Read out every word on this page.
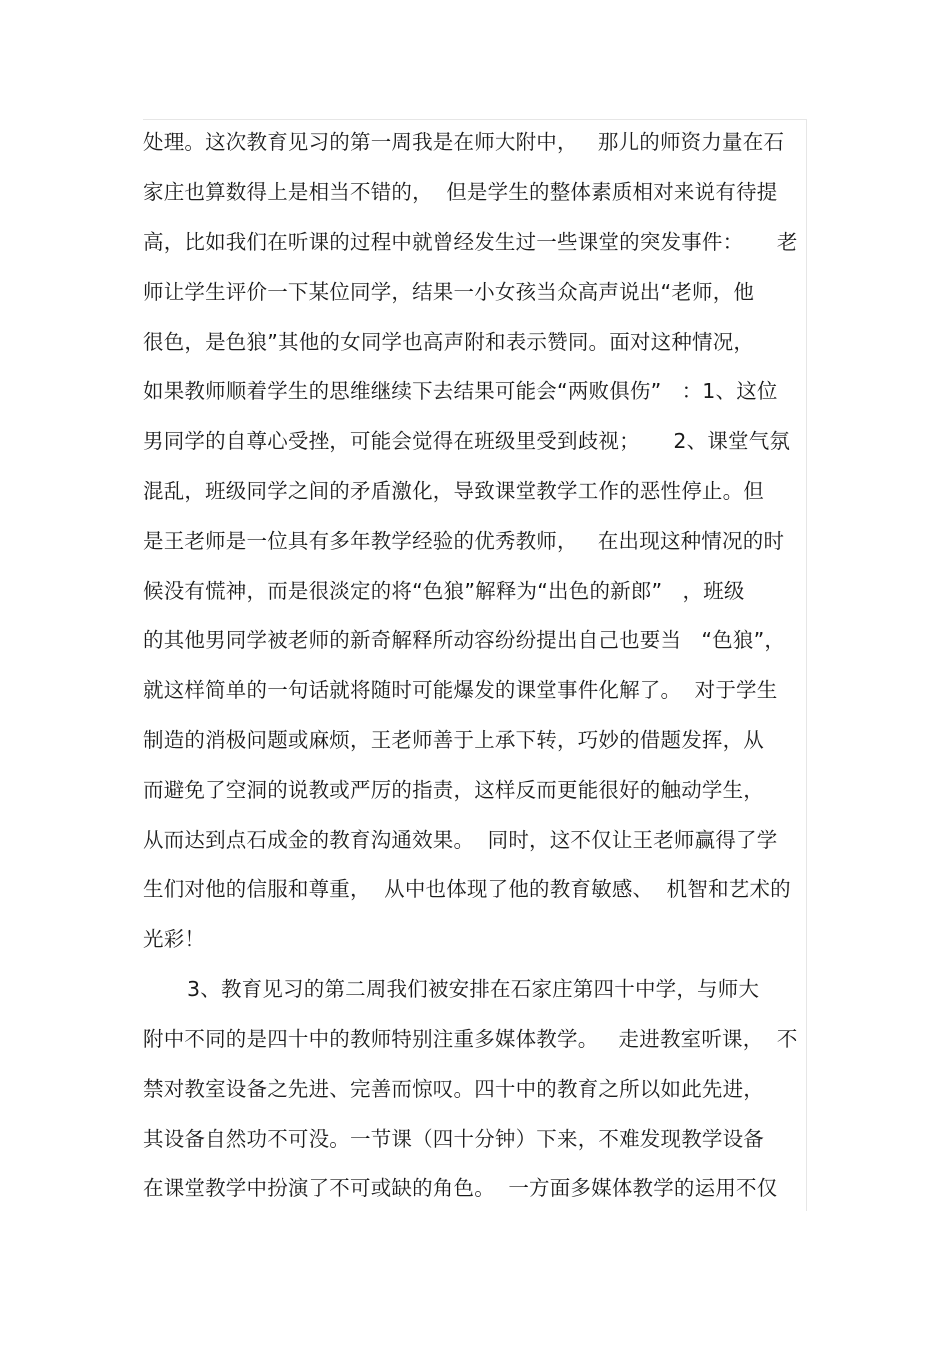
处理。这次教育见习的第一周我是在师大附中，   那儿的师资力量在石
家庄也算数得上是相当不错的，  但是学生的整体素质相对来说有待提
高，比如我们在听课的过程中就曾经发生过一些课堂的突发事件：     老
师让学生评价一下某位同学，结果一小女孩当众高声说出“老师，他
很色，是色狼”其他的女同学也高声附和表示赞同。面对这种情况，
如果教师顺着学生的思维继续下去结果可能会“两败俱伤”   ：1、这位
男同学的自尊心受挫，可能会觉得在班级里受到歧视；     2、课堂气氛
混乱，班级同学之间的矛盾激化，导致课堂教学工作的恶性停止。但
是王老师是一位具有多年教学经验的优秀教师，   在出现这种情况的时
候没有慌神，而是很淡定的将“色狼”解释为“出色的新郎”   ，班级
的其他男同学被老师的新奇解释所动容纷纷提出自己也要当   “色狼”，
就这样简单的一句话就将随时可能爆发的课堂事件化解了。  对于学生
制造的消极问题或麻烦，王老师善于上承下转，巧妙的借题发挥，从
而避免了空洞的说教或严厉的指责，这样反而更能很好的触动学生，
从而达到点石成金的教育沟通效果。  同时，这不仅让王老师赢得了学
生们对他的信服和尊重，  从中也体现了他的教育敏感、  机智和艺术的
光彩！
3、教育见习的第二周我们被安排在石家庄第四十中学，与师大
附中不同的是四十中的教师特别注重多媒体教学。   走进教室听课，  不
禁对教室设备之先进、完善而惊叹。四十中的教育之所以如此先进，
其设备自然功不可没。一节课（四十分钟）下来，不难发现教学设备
在课堂教学中扮演了不可或缺的角色。  一方面多媒体教学的运用不仅
